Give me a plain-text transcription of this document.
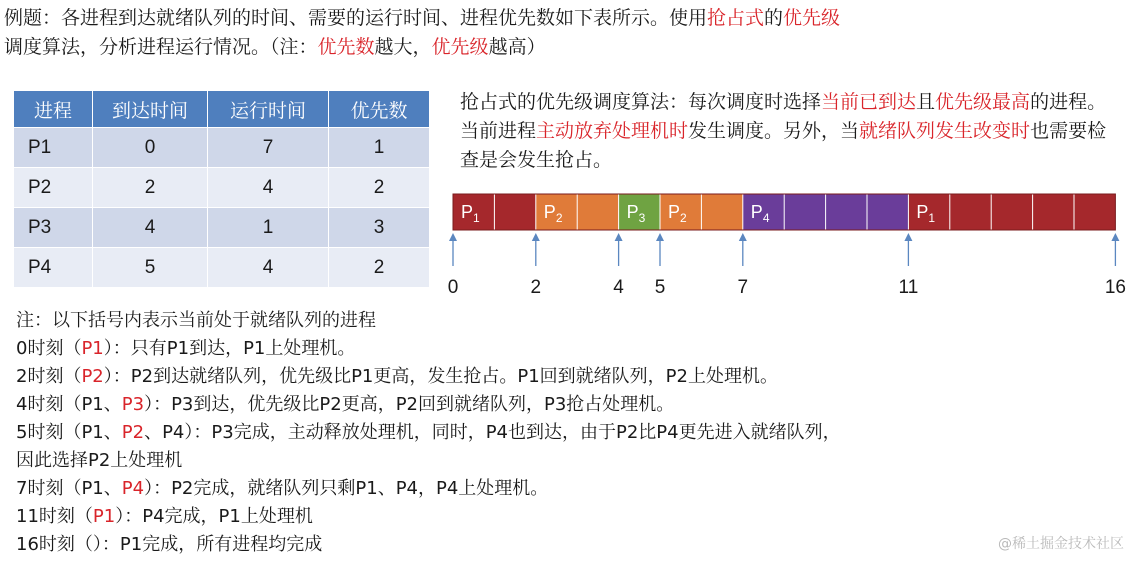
例题：各进程到达就绪队列的时间、需要的运行时间、进程优先数如下表所示。使用抢占式的优先级
调度算法，分析进程运行情况。（注：优先数越大，优先级越高）
进程	到达时间	运行时间	优先数
P1	0	7	1
P2	2	4	2
P3	4	1	3
P4	5	4	2
抢占式的优先级调度算法：每次调度时选择当前已到达且优先级最高的进程。当前进程主动放弃处理机时发生调度。另外，当就绪队列发生改变时也需要检查是会发生抢占。
$P_1$	$P_2$	$P_3$ $P_2$	$P_4$	$P_1$
0	2	4 5	7	11	16
注：以下括号内表示当前处于就绪队列的进程
0时刻（P1）：只有P1到达，P1上处理机。
2时刻（P2）：P2到达就绪队列，优先级比P1更高，发生抢占。P1回到就绪队列，P2上处理机。
4时刻（P1、P3）：P3到达，优先级比P2更高，P2回到就绪队列，P3抢占处理机。
5时刻（P1、P2、P4）：P3完成，主动释放处理机，同时，P4也到达，由于P2比P4更先进入就绪队列，
因此选择P2上处理机
7时刻（P1、P4）：P2完成，就绪队列只剩P1、P4，P4上处理机。
11时刻（P1）：P4完成，P1上处理机
16时刻（）：P1完成，所有进程均完成	@稀土掘金技术社区
